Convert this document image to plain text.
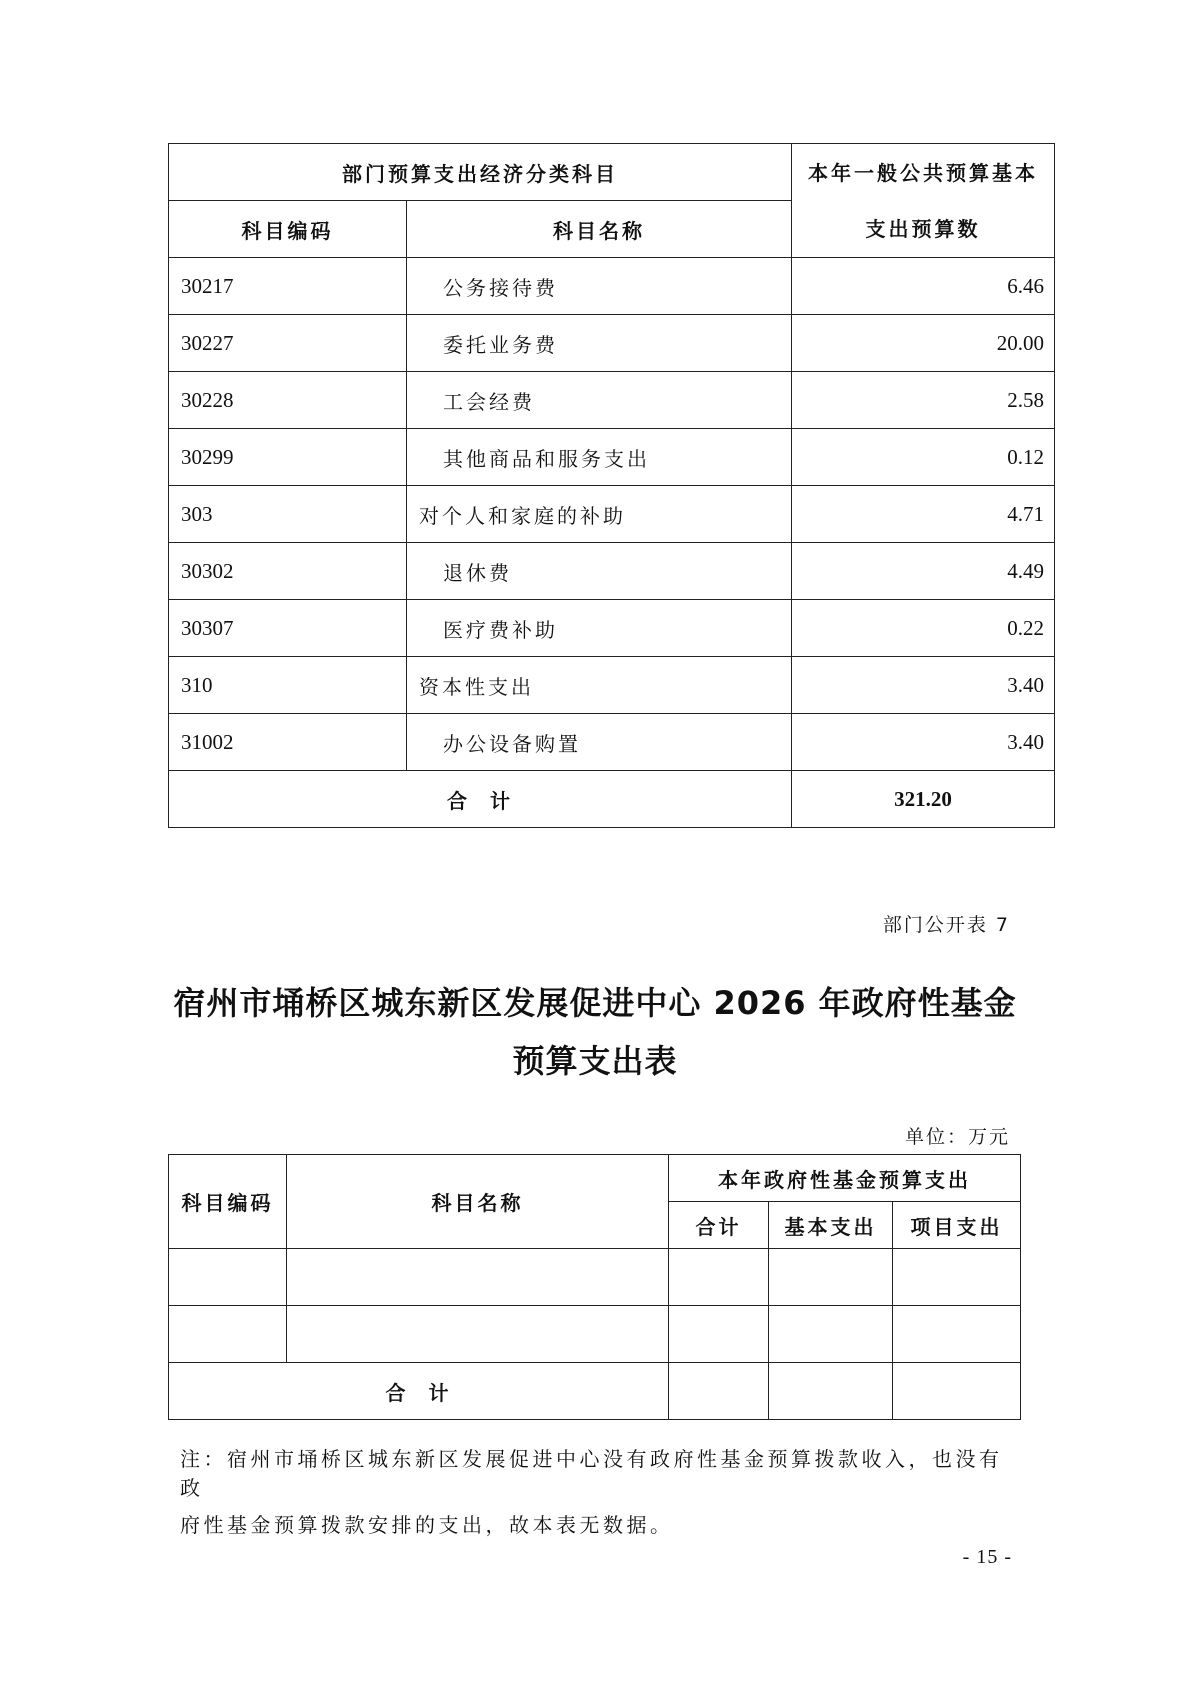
部门预算支出经济分类科目		本年一般公共预算基本
支出预算数

科目编码	科目名称	
30217	公务接待费	6.46
30227	委托业务费	20.00
30228	工会经费	2.58
30299	其他商品和服务支出	0.12
303	对个人和家庭的补助	4.71
30302	退休费	4.49
30307	医疗费补助	0.22
310	资本性支出	3.40
31002	办公设备购置	3.40
合  计		321.20
部门公开表 7
宿州市埇桥区城东新区发展促进中心 2026 年政府性基金
预算支出表
单位：万元
科目编码	科目名称	本年政府性基金预算支出		
		合计	基本支出	项目支出

合  计				
注：宿州市埇桥区城东新区发展促进中心没有政府性基金预算拨款收入，也没有政
府性基金预算拨款安排的支出，故本表无数据。
- 15 -
